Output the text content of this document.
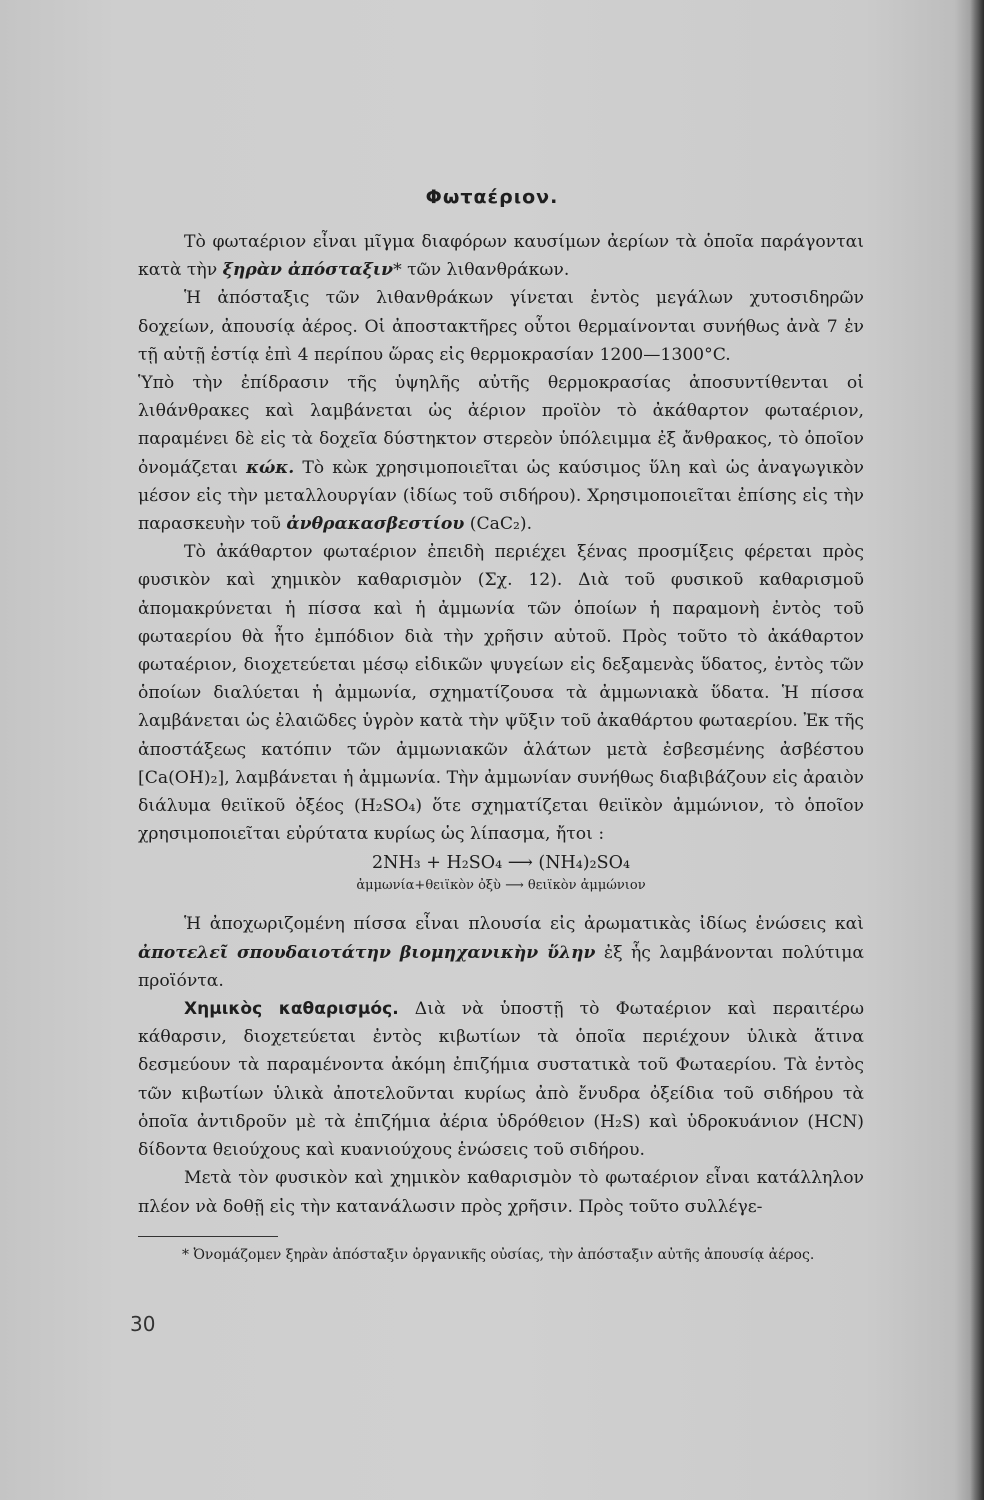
Φωταέριον.

Τὸ φωταέριον εἶναι μῖγμα διαφόρων καυσίμων ἀερίων τὰ ὁποῖα παράγονται κατὰ τὴν ξηρὰν ἀπόσταξιν* τῶν λιθανθράκων.

Ἡ ἀπόσταξις τῶν λιθανθράκων γίνεται ἐντὸς μεγάλων χυτοσιδηρῶν δοχείων, ἀπουσίᾳ ἀέρος. Οἱ ἀποστακτῆρες οὗτοι θερμαίνονται συνήθως ἀνὰ 7 ἐν τῇ αὐτῇ ἑστίᾳ ἐπὶ 4 περίπου ὥρας εἰς θερμοκρασίαν 1200—1300°C.

Ὑπὸ τὴν ἐπίδρασιν τῆς ὑψηλῆς αὐτῆς θερμοκρασίας ἀποσυντίθενται οἱ λιθάνθρακες καὶ λαμβάνεται ὡς ἀέριον προϊὸν τὸ ἀκάθαρτον φωταέριον, παραμένει δὲ εἰς τὰ δοχεῖα δύστηκτον στερεὸν ὑπόλειμμα ἐξ ἄνθρακος, τὸ ὁποῖον ὀνομάζεται κώκ. Τὸ κὼκ χρησιμοποιεῖται ὡς καύσιμος ὕλη καὶ ὡς ἀναγωγικὸν μέσον εἰς τὴν μεταλλουργίαν (ἰδίως τοῦ σιδήρου). Χρησιμοποιεῖται ἐπίσης εἰς τὴν παρασκευὴν τοῦ ἀνθρακασβεστίου (CaC₂).

Τὸ ἀκάθαρτον φωταέριον ἐπειδὴ περιέχει ξένας προσμίξεις φέρεται πρὸς φυσικὸν καὶ χημικὸν καθαρισμὸν (Σχ. 12). Διὰ τοῦ φυσικοῦ καθαρισμοῦ ἀπομακρύνεται ἡ πίσσα καὶ ἡ ἀμμωνία τῶν ὁποίων ἡ παραμονὴ ἐντὸς τοῦ φωταερίου θὰ ἦτο ἐμπόδιον διὰ τὴν χρῆσιν αὐτοῦ. Πρὸς τοῦτο τὸ ἀκάθαρτον φωταέριον, διοχετεύεται μέσῳ εἰδικῶν ψυγείων εἰς δεξαμενὰς ὕδατος, ἐντὸς τῶν ὁποίων διαλύεται ἡ ἀμμωνία, σχηματίζουσα τὰ ἀμμωνιακὰ ὕδατα. Ἡ πίσσα λαμβάνεται ὡς ἐλαιῶδες ὑγρὸν κατὰ τὴν ψῦξιν τοῦ ἀκαθάρτου φωταερίου. Ἐκ τῆς ἀποστάξεως κατόπιν τῶν ἀμμωνιακῶν ἁλάτων μετὰ ἐσβεσμένης ἀσβέστου [Ca(OH)₂], λαμβάνεται ἡ ἀμμωνία. Τὴν ἀμμωνίαν συνήθως διαβιβάζουν εἰς ἀραιὸν διάλυμα θειϊκοῦ ὀξέος (H₂SO₄) ὅτε σχηματίζεται θειϊκὸν ἀμμώνιον, τὸ ὁποῖον χρησιμοποιεῖται εὐρύτατα κυρίως ὡς λίπασμα, ἤτοι :

2NH₃ + H₂SO₄ ⟶ (NH₄)₂SO₄
ἀμμωνία+θειϊκὸν ὀξὺ ⟶ θειϊκὸν ἀμμώνιον

Ἡ ἀποχωριζομένη πίσσα εἶναι πλουσία εἰς ἀρωματικὰς ἰδίως ἑνώσεις καὶ ἀποτελεῖ σπουδαιοτάτην βιομηχανικὴν ὕλην ἐξ ἧς λαμβάνονται πολύτιμα προϊόντα.

Χημικὸς καθαρισμός. Διὰ νὰ ὑποστῇ τὸ Φωταέριον καὶ περαιτέρω κάθαρσιν, διοχετεύεται ἐντὸς κιβωτίων τὰ ὁποῖα περιέχουν ὑλικὰ ἅτινα δεσμεύουν τὰ παραμένοντα ἀκόμη ἐπιζήμια συστατικὰ τοῦ Φωταερίου. Τὰ ἐντὸς τῶν κιβωτίων ὑλικὰ ἀποτελοῦνται κυρίως ἀπὸ ἔνυδρα ὀξείδια τοῦ σιδήρου τὰ ὁποῖα ἀντιδροῦν μὲ τὰ ἐπιζήμια ἀέρια ὑδρόθειον (H₂S) καὶ ὑδροκυάνιον (HCN) δίδοντα θειούχους καὶ κυανιούχους ἑνώσεις τοῦ σιδήρου.

Μετὰ τὸν φυσικὸν καὶ χημικὸν καθαρισμὸν τὸ φωταέριον εἶναι κατάλληλον πλέον νὰ δοθῇ εἰς τὴν κατανάλωσιν πρὸς χρῆσιν. Πρὸς τοῦτο συλλέγε-

* Ὀνομάζομεν ξηρὰν ἀπόσταξιν ὀργανικῆς οὐσίας, τὴν ἀπόσταξιν αὐτῆς ἀπουσίᾳ ἀέρος.
30
